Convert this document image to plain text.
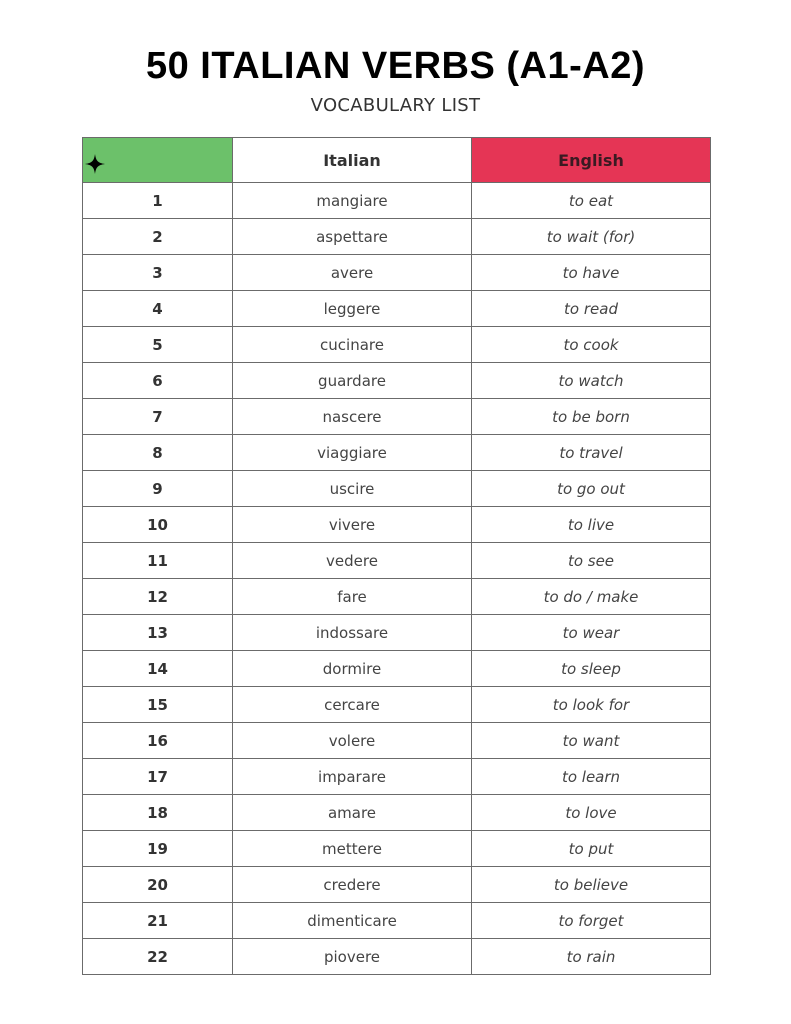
50 ITALIAN VERBS (A1-A2)
VOCABULARY LIST
	Italian	English
1	mangiare	to eat
2	aspettare	to wait (for)
3	avere	to have
4	leggere	to read
5	cucinare	to cook
6	guardare	to watch
7	nascere	to be born
8	viaggiare	to travel
9	uscire	to go out
10	vivere	to live
11	vedere	to see
12	fare	to do / make
13	indossare	to wear
14	dormire	to sleep
15	cercare	to look for
16	volere	to want
17	imparare	to learn
18	amare	to love
19	mettere	to put
20	credere	to believe
21	dimenticare	to forget
22	piovere	to rain
